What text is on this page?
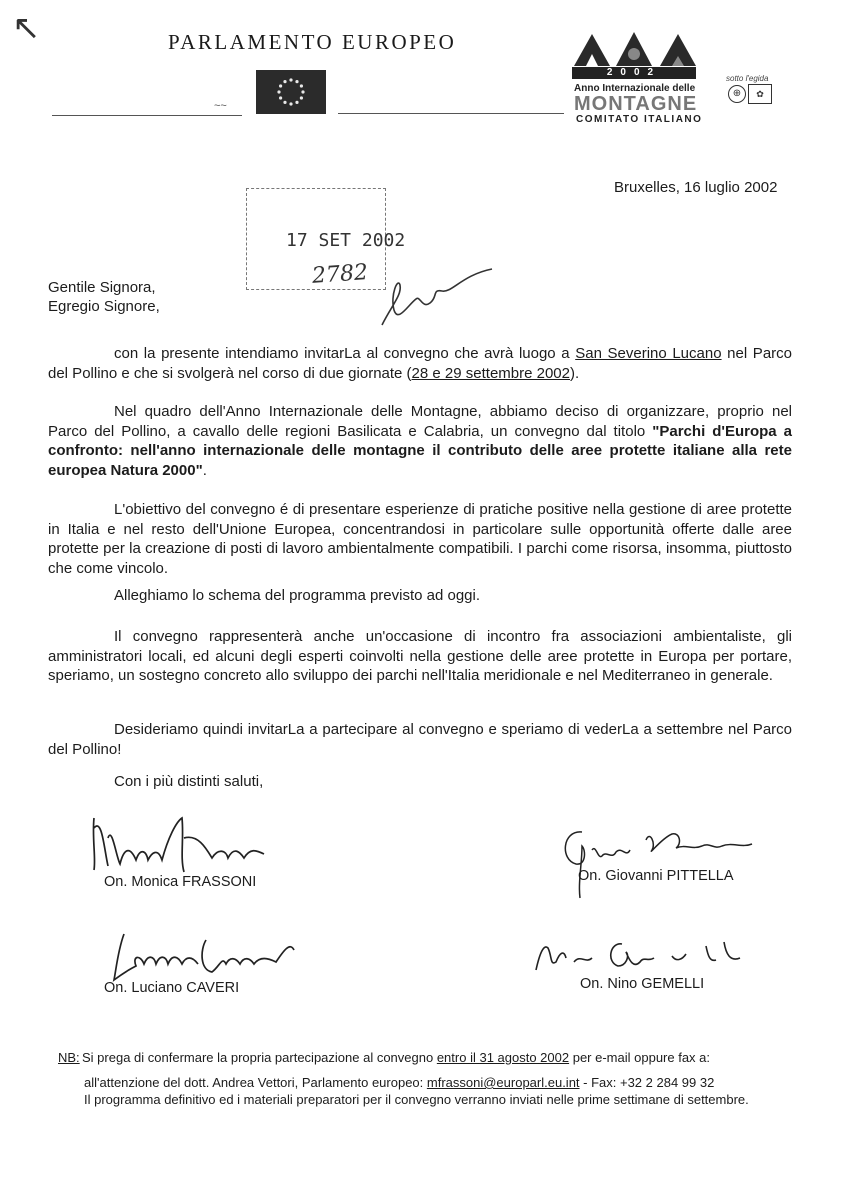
↖	PARLAMENTO EUROPEO
~~
2002
Anno Internazionale delle
MONTAGNE
COMITATO ITALIANO
sotto l'egida
⊕	✿
Bruxelles, 16 luglio 2002
17 SET 2002
2782
Gentile Signora,
Egregio Signore,

con la presente intendiamo invitarLa al convegno che avrà luogo a San Severino Lucano nel Parco del Pollino e che si svolgerà nel corso di due giornate (28 e 29 settembre 2002).

Nel quadro dell'Anno Internazionale delle Montagne, abbiamo deciso di organizzare, proprio nel Parco del Pollino, a cavallo delle regioni Basilicata e Calabria, un convegno dal titolo "Parchi d'Europa a confronto: nell'anno internazionale delle montagne il contributo delle aree protette italiane alla rete europea Natura 2000".

L'obiettivo del convegno é di presentare esperienze di pratiche positive nella gestione di aree protette in Italia e nel resto dell'Unione Europea, concentrandosi in particolare sulle opportunità offerte dalle aree protette per la creazione di posti di lavoro ambientalmente compatibili. I parchi come risorsa, insomma, piuttosto che come vincolo.

Alleghiamo lo schema del programma previsto ad oggi.

Il convegno rappresenterà anche un'occasione di incontro fra associazioni ambientaliste, gli amministratori locali, ed alcuni degli esperti coinvolti nella gestione delle aree protette in Europa per portare, speriamo, un sostegno concreto allo sviluppo dei parchi nell'Italia meridionale e nel Mediterraneo in generale.

Desideriamo quindi invitarLa a partecipare al convegno e speriamo di vederLa a settembre nel Parco del Pollino!

Con i più distinti saluti,
On. Monica FRASSONI	On. Giovanni PITTELLA
On. Luciano CAVERI	On. Nino GEMELLI
NB: Si prega di confermare la propria partecipazione al convegno entro il 31 agosto 2002 per e-mail oppure fax a:
all'attenzione del dott. Andrea Vettori, Parlamento europeo: mfrassoni@europarl.eu.int - Fax: +32 2 284 99 32
Il programma definitivo ed i materiali preparatori per il convegno verranno inviati nelle prime settimane di settembre.
